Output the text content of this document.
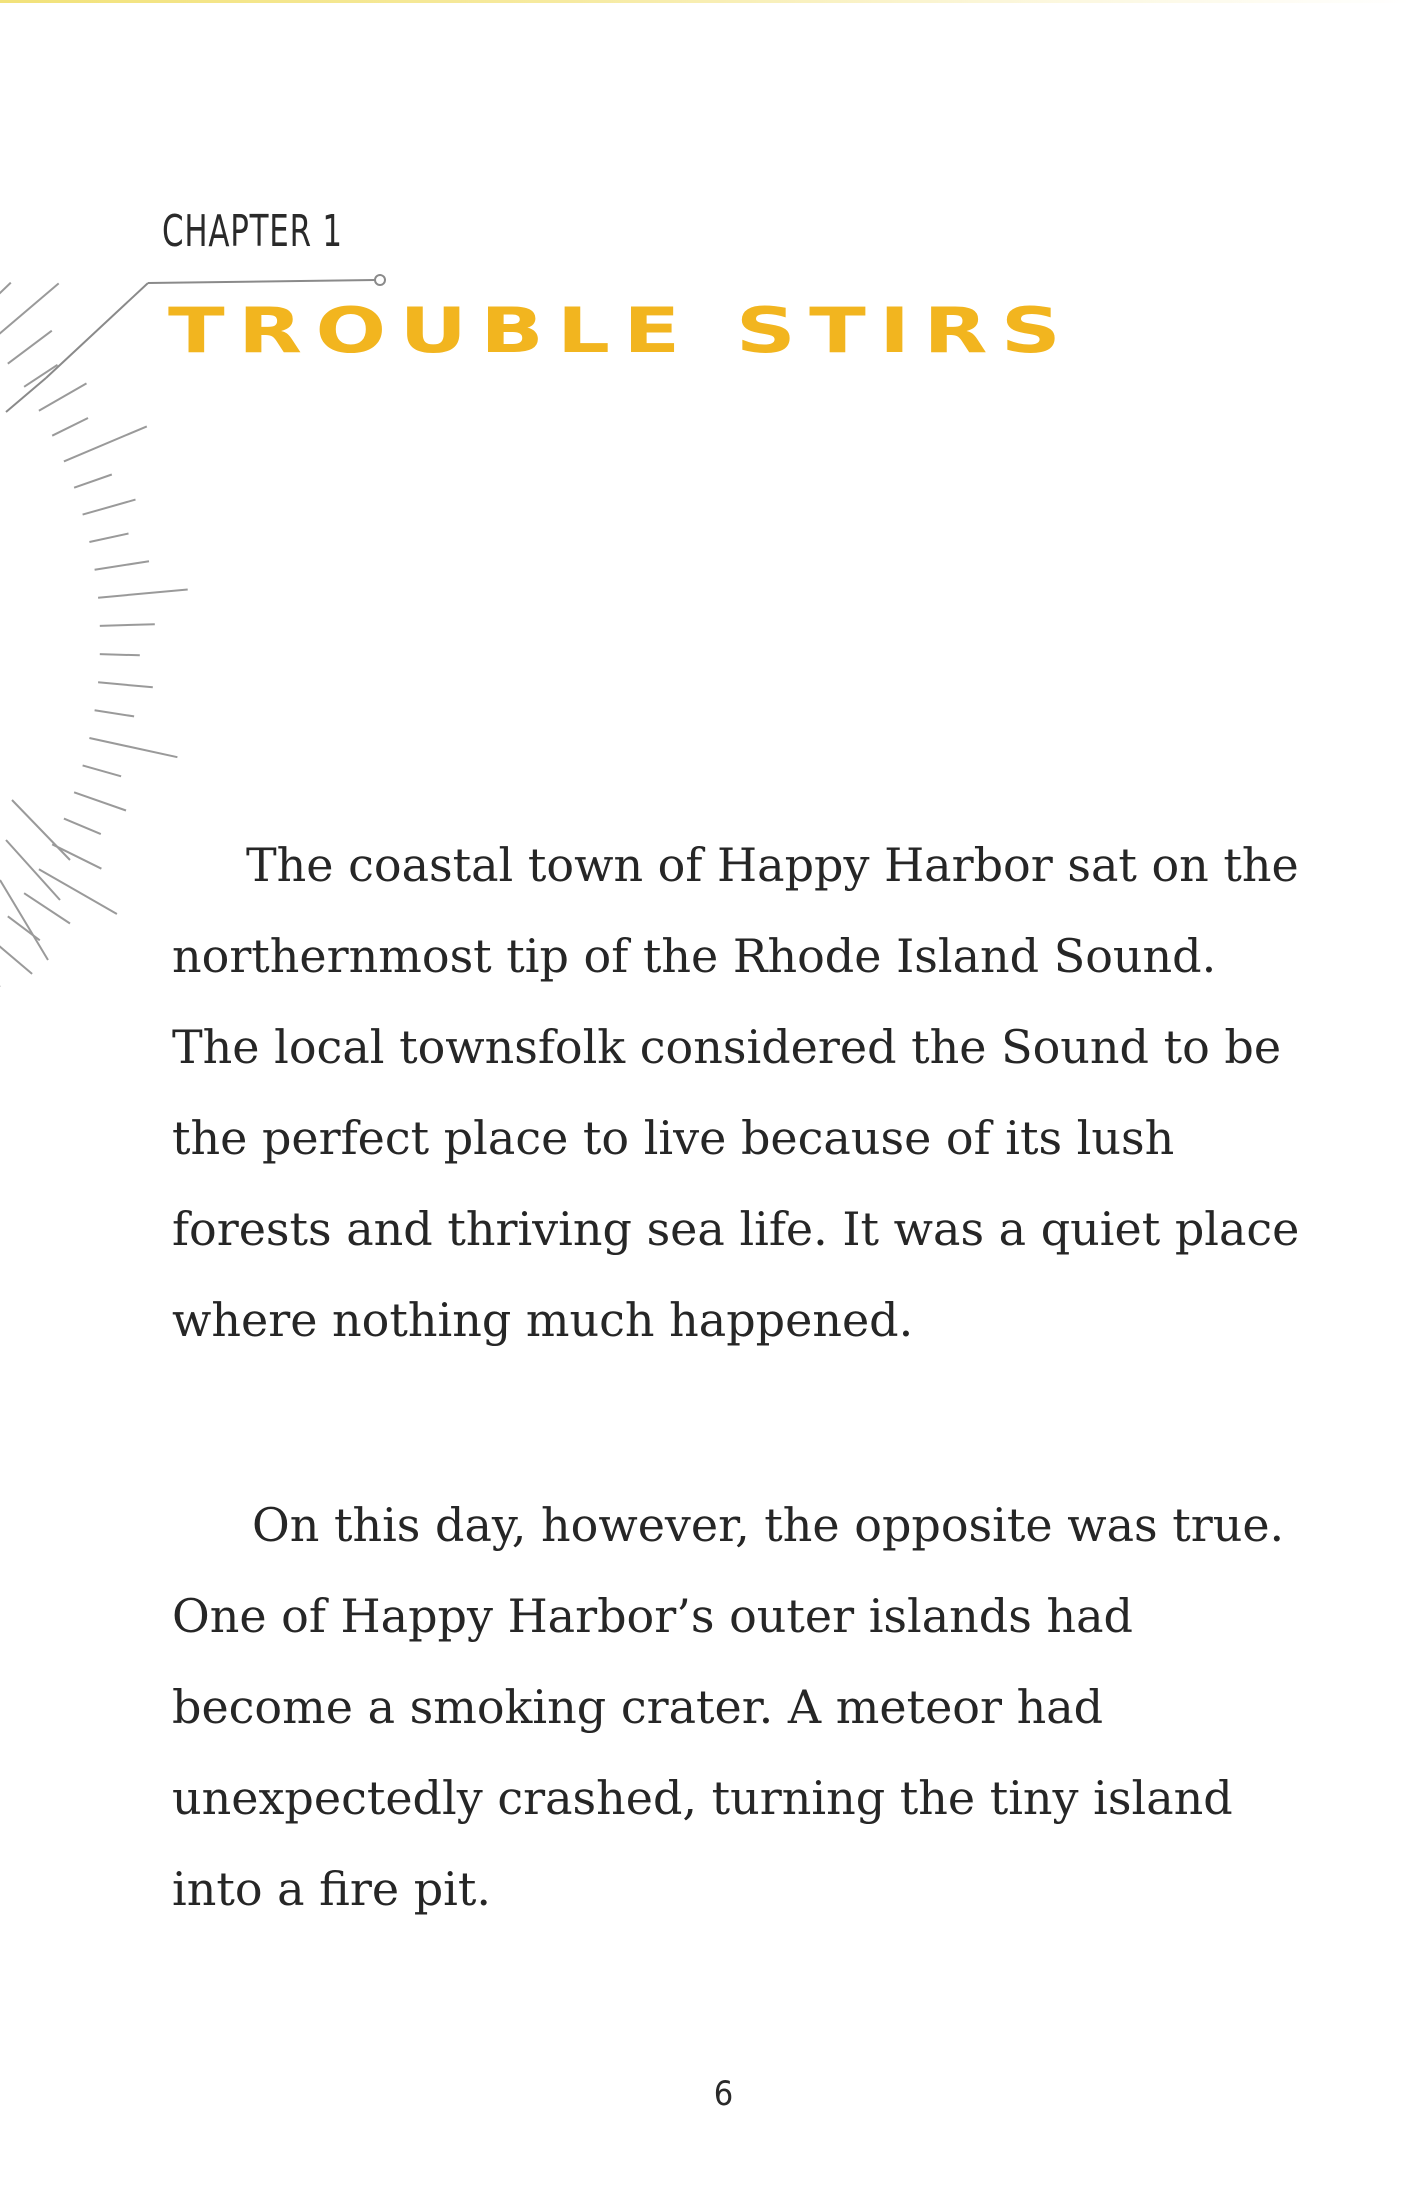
CHAPTER 1
TROUBLE STIRS

The coastal town of Happy Harbor sat on the northernmost tip of the Rhode Island Sound. The local townsfolk considered the Sound to be the perfect place to live because of its lush forests and thriving sea life. It was a quiet place where nothing much happened.

On this day, however, the opposite was true. One of Happy Harbor’s outer islands had become a smoking crater. A meteor had unexpectedly crashed, turning the tiny island into a fire pit.

6
